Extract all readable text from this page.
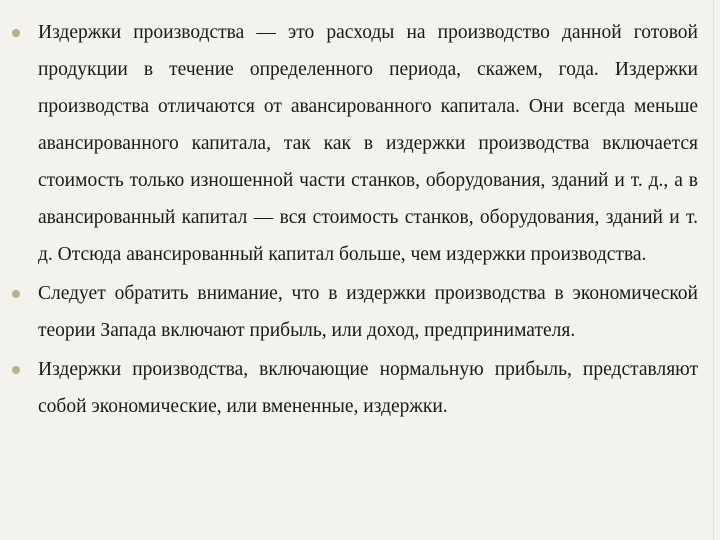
Издержки производства — это расходы на производство данной готовой продукции в течение определенного периода, скажем, года. Издержки производства отличаются от авансированного капитала. Они всегда меньше авансированного капитала, так как в издержки производства включается стоимость только изношенной части станков, оборудования, зданий и т. д., а в авансированный капитал — вся стоимость станков, оборудования, зданий и т. д. Отсюда авансированный капитал больше, чем издержки производства.
Следует обратить внимание, что в издержки производства в экономической теории Запада включают прибыль, или доход, предпринимателя.
Издержки производства, включающие нормальную прибыль, представляют собой экономические, или вмененные, издержки.
